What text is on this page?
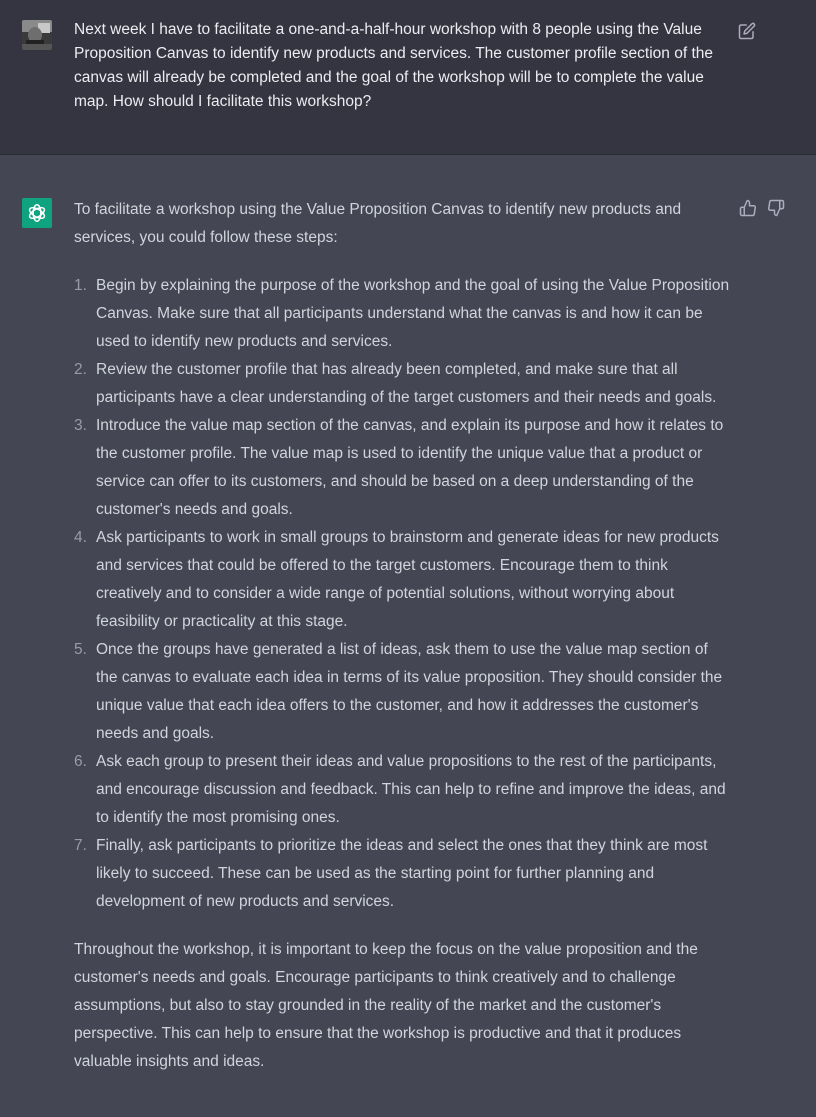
Next week I have to facilitate a one-and-a-half-hour workshop with 8 people using the Value Proposition Canvas to identify new products and services. The customer profile section of the canvas will already be completed and the goal of the workshop will be to complete the value map. How should I facilitate this workshop?

To facilitate a workshop using the Value Proposition Canvas to identify new products and services, you could follow these steps:

1. Begin by explaining the purpose of the workshop and the goal of using the Value Proposition Canvas. Make sure that all participants understand what the canvas is and how it can be used to identify new products and services.
2. Review the customer profile that has already been completed, and make sure that all participants have a clear understanding of the target customers and their needs and goals.
3. Introduce the value map section of the canvas, and explain its purpose and how it relates to the customer profile. The value map is used to identify the unique value that a product or service can offer to its customers, and should be based on a deep understanding of the customer's needs and goals.
4. Ask participants to work in small groups to brainstorm and generate ideas for new products and services that could be offered to the target customers. Encourage them to think creatively and to consider a wide range of potential solutions, without worrying about feasibility or practicality at this stage.
5. Once the groups have generated a list of ideas, ask them to use the value map section of the canvas to evaluate each idea in terms of its value proposition. They should consider the unique value that each idea offers to the customer, and how it addresses the customer's needs and goals.
6. Ask each group to present their ideas and value propositions to the rest of the participants, and encourage discussion and feedback. This can help to refine and improve the ideas, and to identify the most promising ones.
7. Finally, ask participants to prioritize the ideas and select the ones that they think are most likely to succeed. These can be used as the starting point for further planning and development of new products and services.

Throughout the workshop, it is important to keep the focus on the value proposition and the customer's needs and goals. Encourage participants to think creatively and to challenge assumptions, but also to stay grounded in the reality of the market and the customer's perspective. This can help to ensure that the workshop is productive and that it produces valuable insights and ideas.
